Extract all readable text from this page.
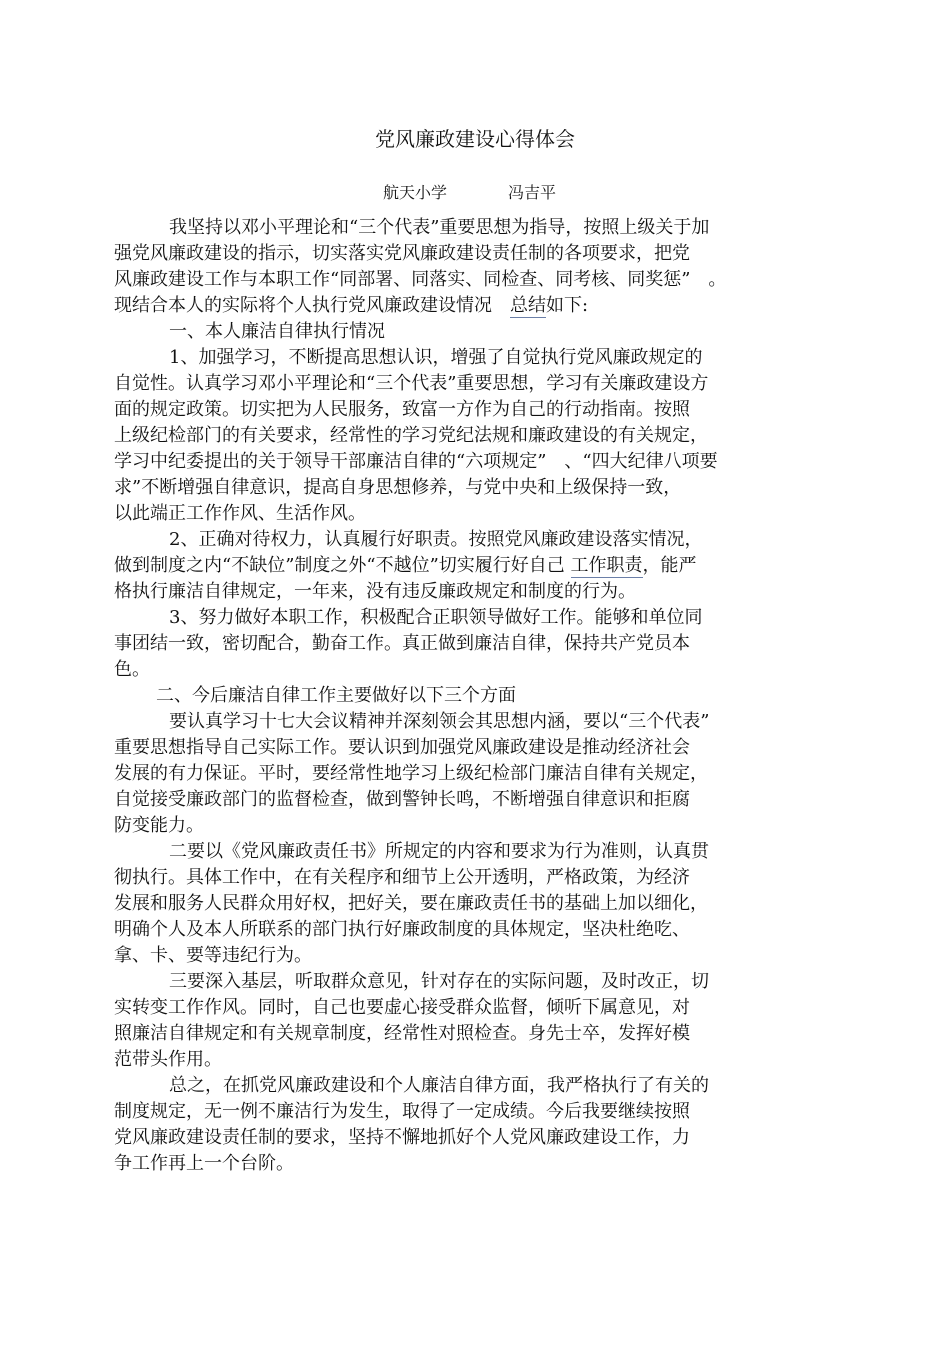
党风廉政建设心得体会
航天小学	冯吉平
我坚持以邓小平理论和“三个代表”重要思想为指导，按照上级关于加
强党风廉政建设的指示，切实落实党风廉政建设责任制的各项要求，把党
风廉政建设工作与本职工作“同部署、同落实、同检查、同考核、同奖惩”　。
现结合本人的实际将个人执行党风廉政建设情况　总结如下:
一、本人廉洁自律执行情况
1、加强学习，不断提高思想认识，增强了自觉执行党风廉政规定的
自觉性。认真学习邓小平理论和“三个代表”重要思想，学习有关廉政建设方
面的规定政策。切实把为人民服务，致富一方作为自己的行动指南。按照
上级纪检部门的有关要求，经常性的学习党纪法规和廉政建设的有关规定，
学习中纪委提出的关于领导干部廉洁自律的“六项规定”　、“四大纪律八项要
求”不断增强自律意识，提高自身思想修养，与党中央和上级保持一致，
以此端正工作作风、生活作风。
2、正确对待权力，认真履行好职责。按照党风廉政建设落实情况，
做到制度之内“不缺位”制度之外“不越位”切实履行好自己 工作职责，能严
格执行廉洁自律规定，一年来，没有违反廉政规定和制度的行为。
3、努力做好本职工作，积极配合正职领导做好工作。能够和单位同
事团结一致，密切配合，勤奋工作。真正做到廉洁自律，保持共产党员本
色。
二、今后廉洁自律工作主要做好以下三个方面
要认真学习十七大会议精神并深刻领会其思想内涵，要以“三个代表”
重要思想指导自己实际工作。要认识到加强党风廉政建设是推动经济社会
发展的有力保证。平时，要经常性地学习上级纪检部门廉洁自律有关规定，
自觉接受廉政部门的监督检查，做到警钟长鸣，不断增强自律意识和拒腐
防变能力。
二要以《党风廉政责任书》所规定的内容和要求为行为准则，认真贯
彻执行。具体工作中，在有关程序和细节上公开透明，严格政策，为经济
发展和服务人民群众用好权，把好关，要在廉政责任书的基础上加以细化，
明确个人及本人所联系的部门执行好廉政制度的具体规定，坚决杜绝吃、
拿、卡、要等违纪行为。
三要深入基层，听取群众意见，针对存在的实际问题，及时改正，切
实转变工作作风。同时，自己也要虚心接受群众监督，倾听下属意见，对
照廉洁自律规定和有关规章制度，经常性对照检查。身先士卒，发挥好模
范带头作用。
总之，在抓党风廉政建设和个人廉洁自律方面，我严格执行了有关的
制度规定，无一例不廉洁行为发生，取得了一定成绩。今后我要继续按照
党风廉政建设责任制的要求，坚持不懈地抓好个人党风廉政建设工作，力
争工作再上一个台阶。
